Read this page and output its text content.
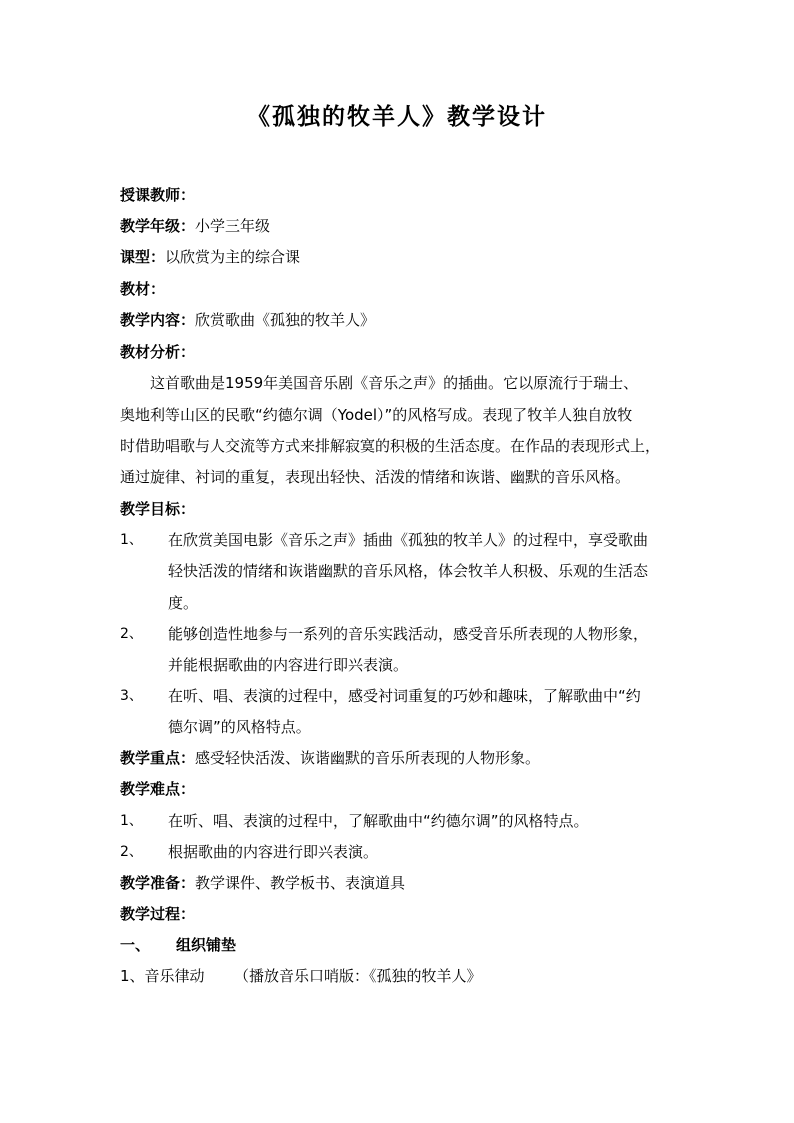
《孤独的牧羊人》教学设计
授课教师：
教学年级：小学三年级
课型：以欣赏为主的综合课
教材：
教学内容：欣赏歌曲《孤独的牧羊人》
教材分析：
这首歌曲是1959年美国音乐剧《音乐之声》的插曲。它以原流行于瑞士、
奥地利等山区的民歌“约德尔调（Yodel）”的风格写成。表现了牧羊人独自放牧
时借助唱歌与人交流等方式来排解寂寞的积极的生活态度。在作品的表现形式上，
通过旋律、衬词的重复，表现出轻快、活泼的情绪和诙谐、幽默的音乐风格。
教学目标：
1、 在欣赏美国电影《音乐之声》插曲《孤独的牧羊人》的过程中，享受歌曲
轻快活泼的情绪和诙谐幽默的音乐风格，体会牧羊人积极、乐观的生活态
度。
2、 能够创造性地参与一系列的音乐实践活动，感受音乐所表现的人物形象，
并能根据歌曲的内容进行即兴表演。
3、 在听、唱、表演的过程中，感受衬词重复的巧妙和趣味，了解歌曲中“约
德尔调”的风格特点。
教学重点：感受轻快活泼、诙谐幽默的音乐所表现的人物形象。
教学难点：
1、 在听、唱、表演的过程中，了解歌曲中“约德尔调”的风格特点。
2、 根据歌曲的内容进行即兴表演。
教学准备：教学课件、教学板书、表演道具
教学过程：
一、 组织铺垫
1、音乐律动 （播放音乐口哨版：《孤独的牧羊人》
